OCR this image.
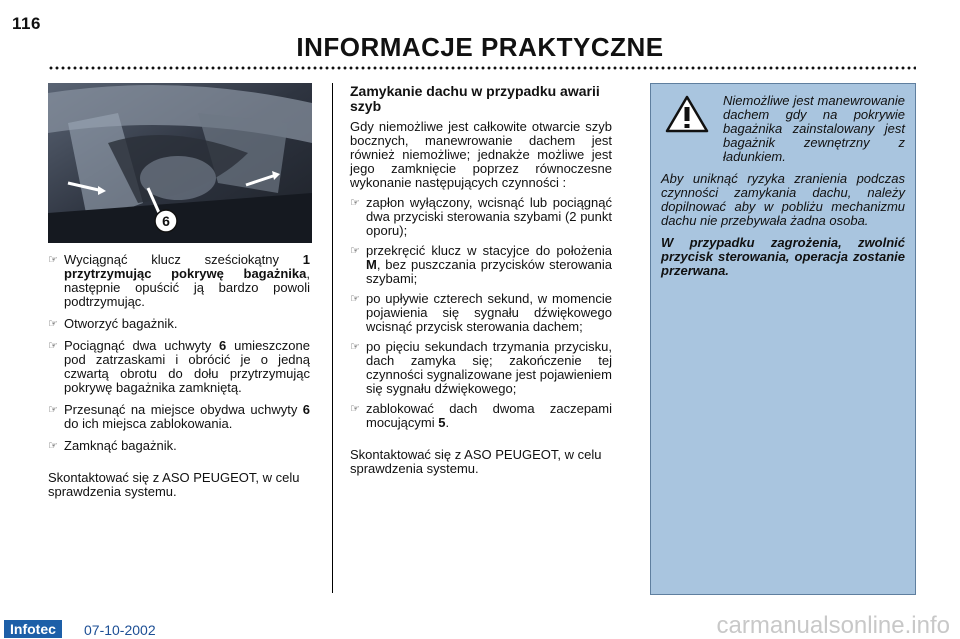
116
INFORMACJE PRAKTYCZNE
6
☞ Wyciągnąć klucz sześciokątny 1 przytrzymując pokrywę bagażnika, następnie opuścić ją bardzo powoli podtrzymując.
☞ Otworzyć bagażnik.
☞ Pociągnąć dwa uchwyty 6 umieszczone pod zatrzaskami i obrócić je o jedną czwartą obrotu do dołu przytrzymując pokrywę bagażnika zamkniętą.
☞ Przesunąć na miejsce obydwa uchwyty 6 do ich miejsca zablokowania.
☞ Zamknąć bagażnik.

Skontaktować się z ASO PEUGEOT, w celu sprawdzenia systemu.

Zamykanie dachu w przypadku awarii szyb

Gdy niemożliwe jest całkowite otwarcie szyb bocznych, manewrowanie dachem jest również niemożliwe; jednakże możliwe jest jego zamknięcie poprzez równoczesne wykonanie następujących czynności :

☞ zapłon wyłączony, wcisnąć lub pociągnąć dwa przyciski sterowania szybami (2 punkt oporu);
☞ przekręcić klucz w stacyjce do położenia M, bez puszczania przycisków sterowania szybami;
☞ po upływie czterech sekund, w momencie pojawienia się sygnału dźwiękowego wcisnąć przycisk sterowania dachem;
☞ po pięciu sekundach trzymania przycisku, dach zamyka się; zakończenie tej czynności sygnalizowane jest pojawieniem się sygnału dźwiękowego;
☞ zablokować dach dwoma zaczepami mocującymi 5.

Skontaktować się z ASO PEUGEOT, w celu sprawdzenia systemu.

Niemożliwe jest manewrowanie dachem gdy na pokrywie bagażnika zainstalowany jest bagażnik zewnętrzny z ładunkiem.

Aby uniknąć ryzyka zranienia podczas czynności zamykania dachu, należy dopilnować aby w pobliżu mechanizmu dachu nie przebywała żadna osoba.

W przypadku zagrożenia, zwolnić przycisk sterowania, operacja zostanie przerwana.

Infotec	07-10-2002	carmanualsonline.info
